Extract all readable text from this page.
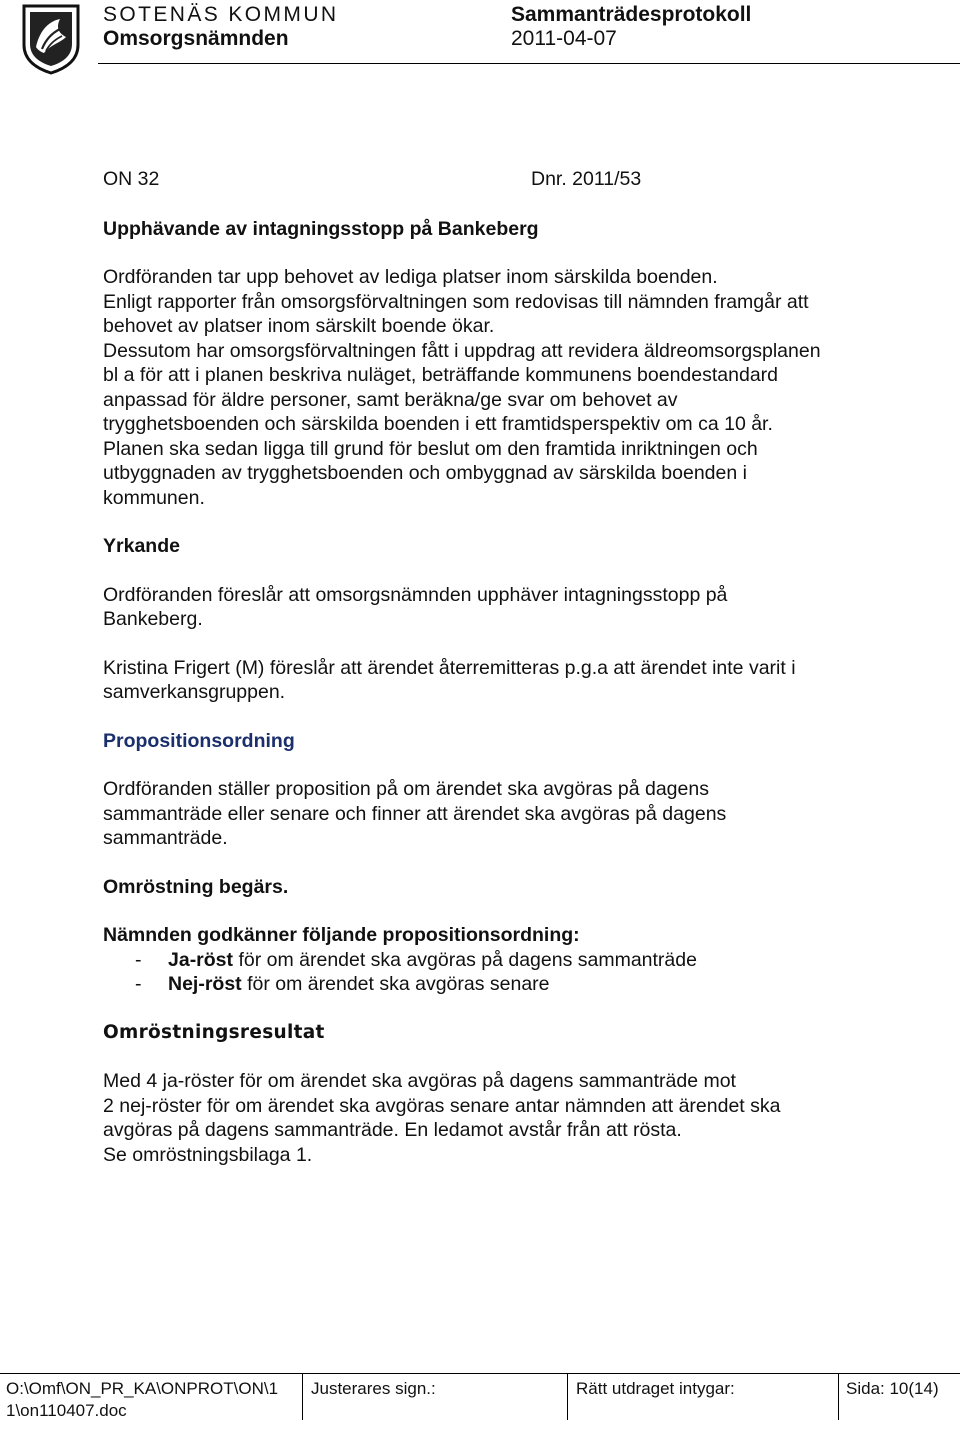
SOTENÄS KOMMUN	Sammanträdesprotokoll
Omsorgsnämnden	2011-04-07
ON 32	Dnr. 2011/53
Upphävande av intagningsstopp på Bankeberg
Ordföranden tar upp behovet av lediga platser inom särskilda boenden.
Enligt rapporter från omsorgsförvaltningen som redovisas till nämnden framgår att
behovet av platser inom särskilt boende ökar.
Dessutom har omsorgsförvaltningen fått i uppdrag att revidera äldreomsorgsplanen
bl a för att i planen beskriva nuläget, beträffande kommunens boendestandard
anpassad för äldre personer, samt beräkna/ge svar om behovet av
trygghetsboenden och särskilda boenden i ett framtidsperspektiv om ca 10 år.
Planen ska sedan ligga till grund för beslut om den framtida inriktningen och
utbyggnaden av trygghetsboenden och ombyggnad av särskilda boenden i
kommunen.
Yrkande
Ordföranden föreslår att omsorgsnämnden upphäver intagningsstopp på
Bankeberg.
Kristina Frigert (M) föreslår att ärendet återremitteras p.g.a att ärendet inte varit i
samverkansgruppen.
Propositionsordning
Ordföranden ställer proposition på om ärendet ska avgöras på dagens
sammanträde eller senare och finner att ärendet ska avgöras på dagens
sammanträde.
Omröstning begärs.
Nämnden godkänner följande propositionsordning:
- Ja-röst för om ärendet ska avgöras på dagens sammanträde
- Nej-röst för om ärendet ska avgöras senare
Omröstningsresultat
Med 4 ja-röster för om ärendet ska avgöras på dagens sammanträde mot
2 nej-röster för om ärendet ska avgöras senare antar nämnden att ärendet ska
avgöras på dagens sammanträde. En ledamot avstår från att rösta.
Se omröstningsbilaga 1.
O:\Omf\ON_PR_KA\ONPROT\ON\1
1\on110407.doc
Justerares sign.:	Rätt utdraget intygar:	Sida: 10(14)
